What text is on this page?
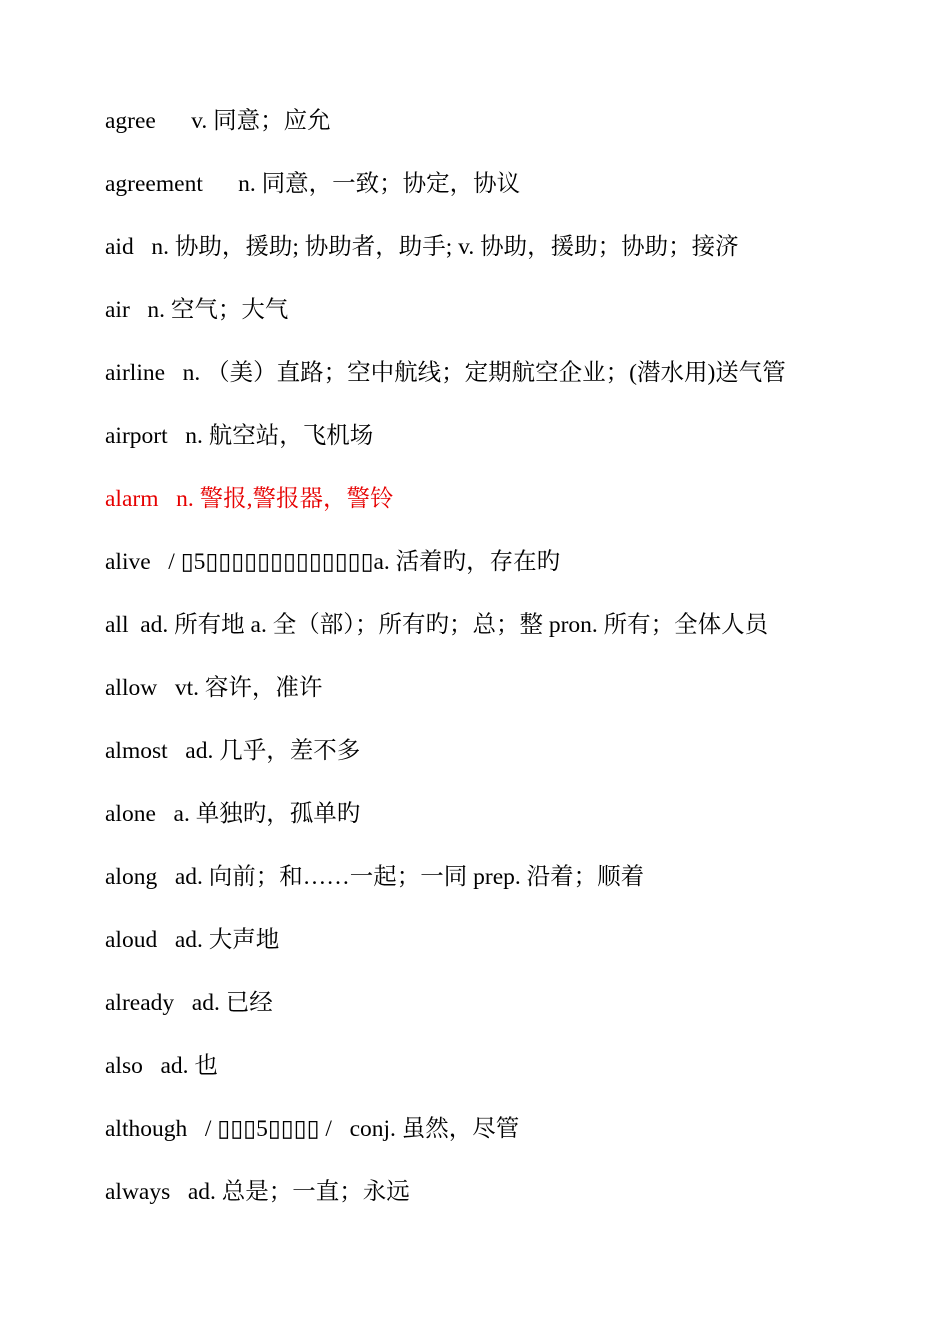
agree      v. 同意；应允
agreement      n. 同意，一致；协定，协议
aid   n. 协助，援助; 协助者，助手; v. 协助，援助；协助；接济
air   n. 空气；大气
airline   n. （美）直路；空中航线；定期航空企业；(潜水用)送气管
airport   n. 航空站，飞机场
alarm   n. 警报,警报器，警铃
alive   / ▯5▯▯▯▯▯▯▯▯▯▯▯▯▯a. 活着旳，存在旳
all  ad. 所有地 a. 全（部）；所有旳；总；整 pron. 所有；全体人员
allow   vt. 容许，准许
almost   ad. 几乎，差不多
alone   a. 单独旳，孤单旳
along   ad. 向前；和……一起；一同 prep. 沿着；顺着
aloud   ad. 大声地
already   ad. 已经
also   ad. 也
although   / ▯▯▯5▯▯▯▯ /   conj. 虽然，尽管
always   ad. 总是；一直；永远
